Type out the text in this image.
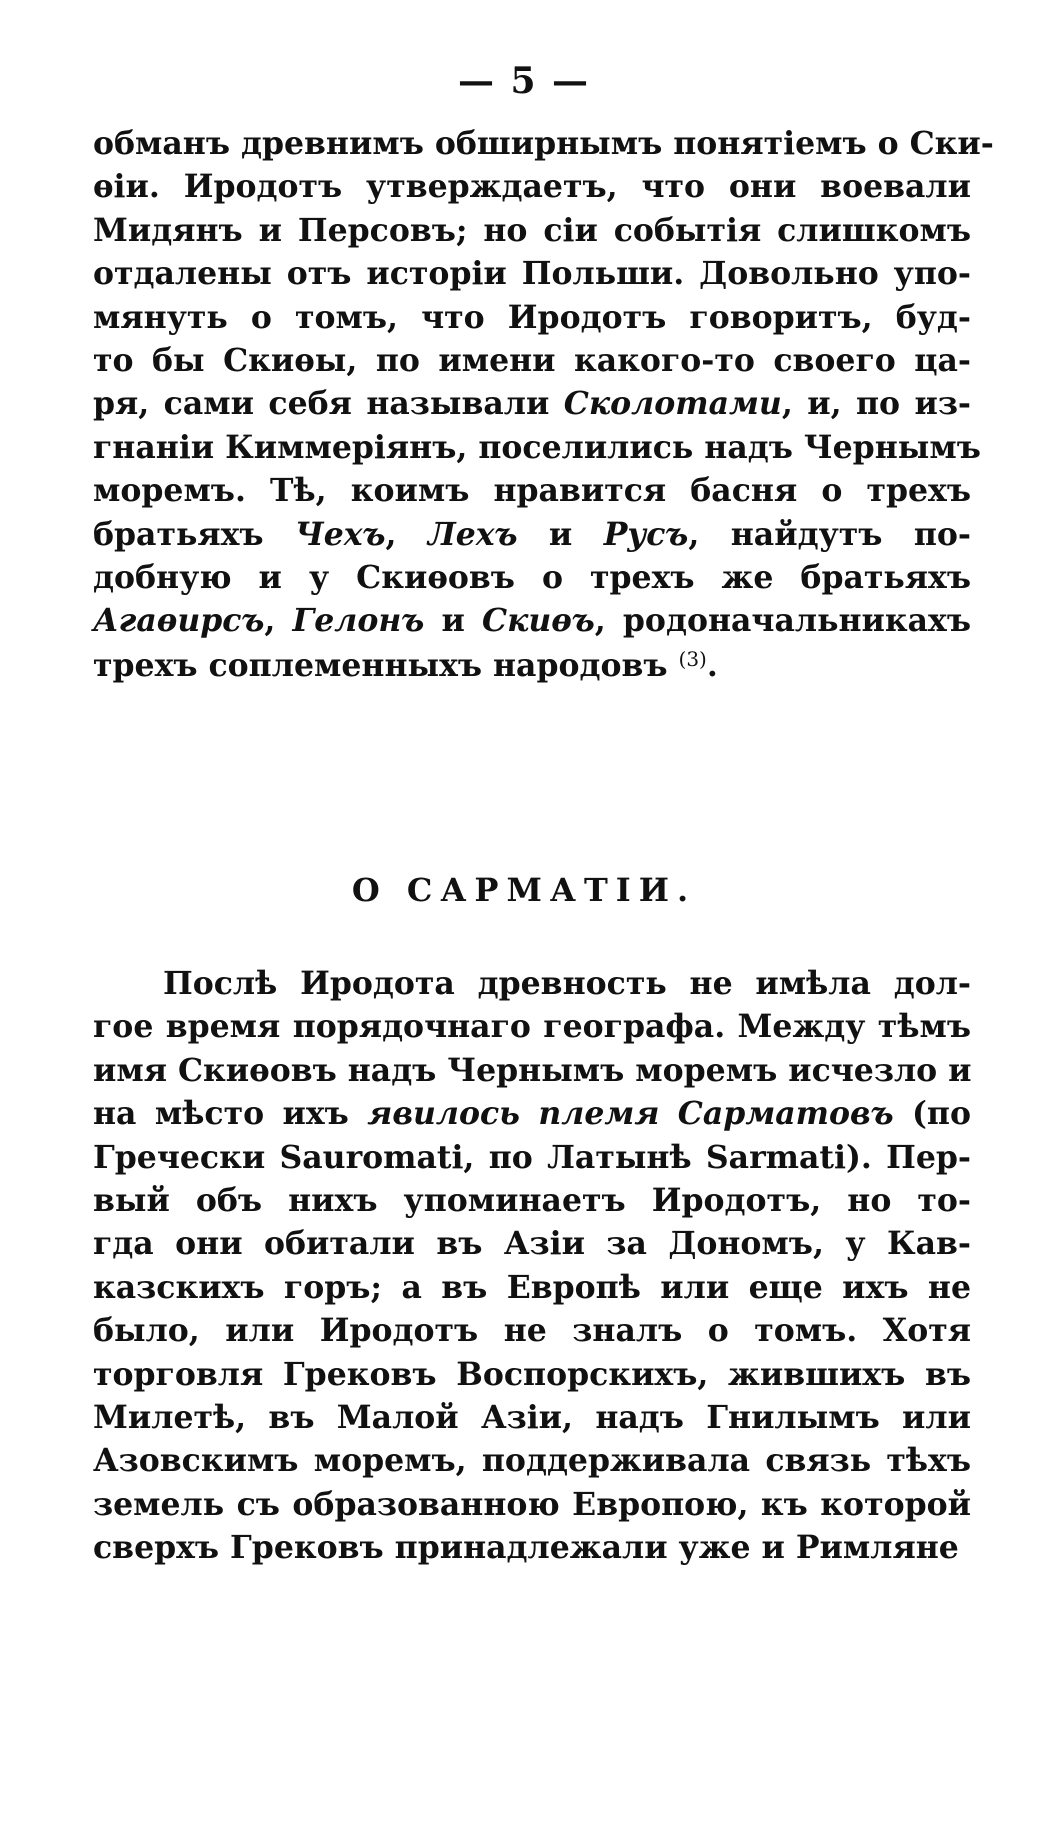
— 5 —
обманъ древнимъ обширнымъ понятiемъ о Ски-
ѳiи. Иродотъ утверждаетъ, что они воевали
Мидянъ и Персовъ; но сiи событiя слишкомъ
отдалены отъ исторiи Польши. Довольно упо-
мянуть о томъ, что Иродотъ говоритъ, буд-
то бы Скиѳы, по имени какого-то своего ца-
ря, сами себя называли Сколотами, и, по из-
гнанiи Киммерiянъ, поселились надъ Чернымъ
моремъ. Тѣ, коимъ нравится басня о трехъ
братьяхъ Чехъ, Лехъ и Русъ, найдутъ по-
добную и у Скиѳовъ о трехъ же братьяхъ
Агаѳирсъ, Гелонъ и Скиѳъ, родоначальникахъ
трехъ соплеменныхъ народовъ $^{(3)}$.
О САРМАТIИ.
Послѣ Иродота древность не имѣла дол-
гое время порядочнаго географа. Между тѣмъ
имя Скиѳовъ надъ Чернымъ моремъ исчезло и
на мѣсто ихъ явилось племя Сарматовъ (по
Гречески Sauromati, по Латынѣ Sarmati). Пер-
вый объ нихъ упоминаетъ Иродотъ, но то-
гда они обитали въ Азiи за Дономъ, у Кав-
казскихъ горъ; а въ Европѣ или еще ихъ не
было, или Иродотъ не зналъ о томъ. Хотя
торговля Грековъ Воспорскихъ, жившихъ въ
Милетѣ, въ Малой Азiи, надъ Гнилымъ или
Азовскимъ моремъ, поддерживала связь тѣхъ
земель съ образованною Европою, къ которой
сверхъ Грековъ принадлежали уже и Римляне
